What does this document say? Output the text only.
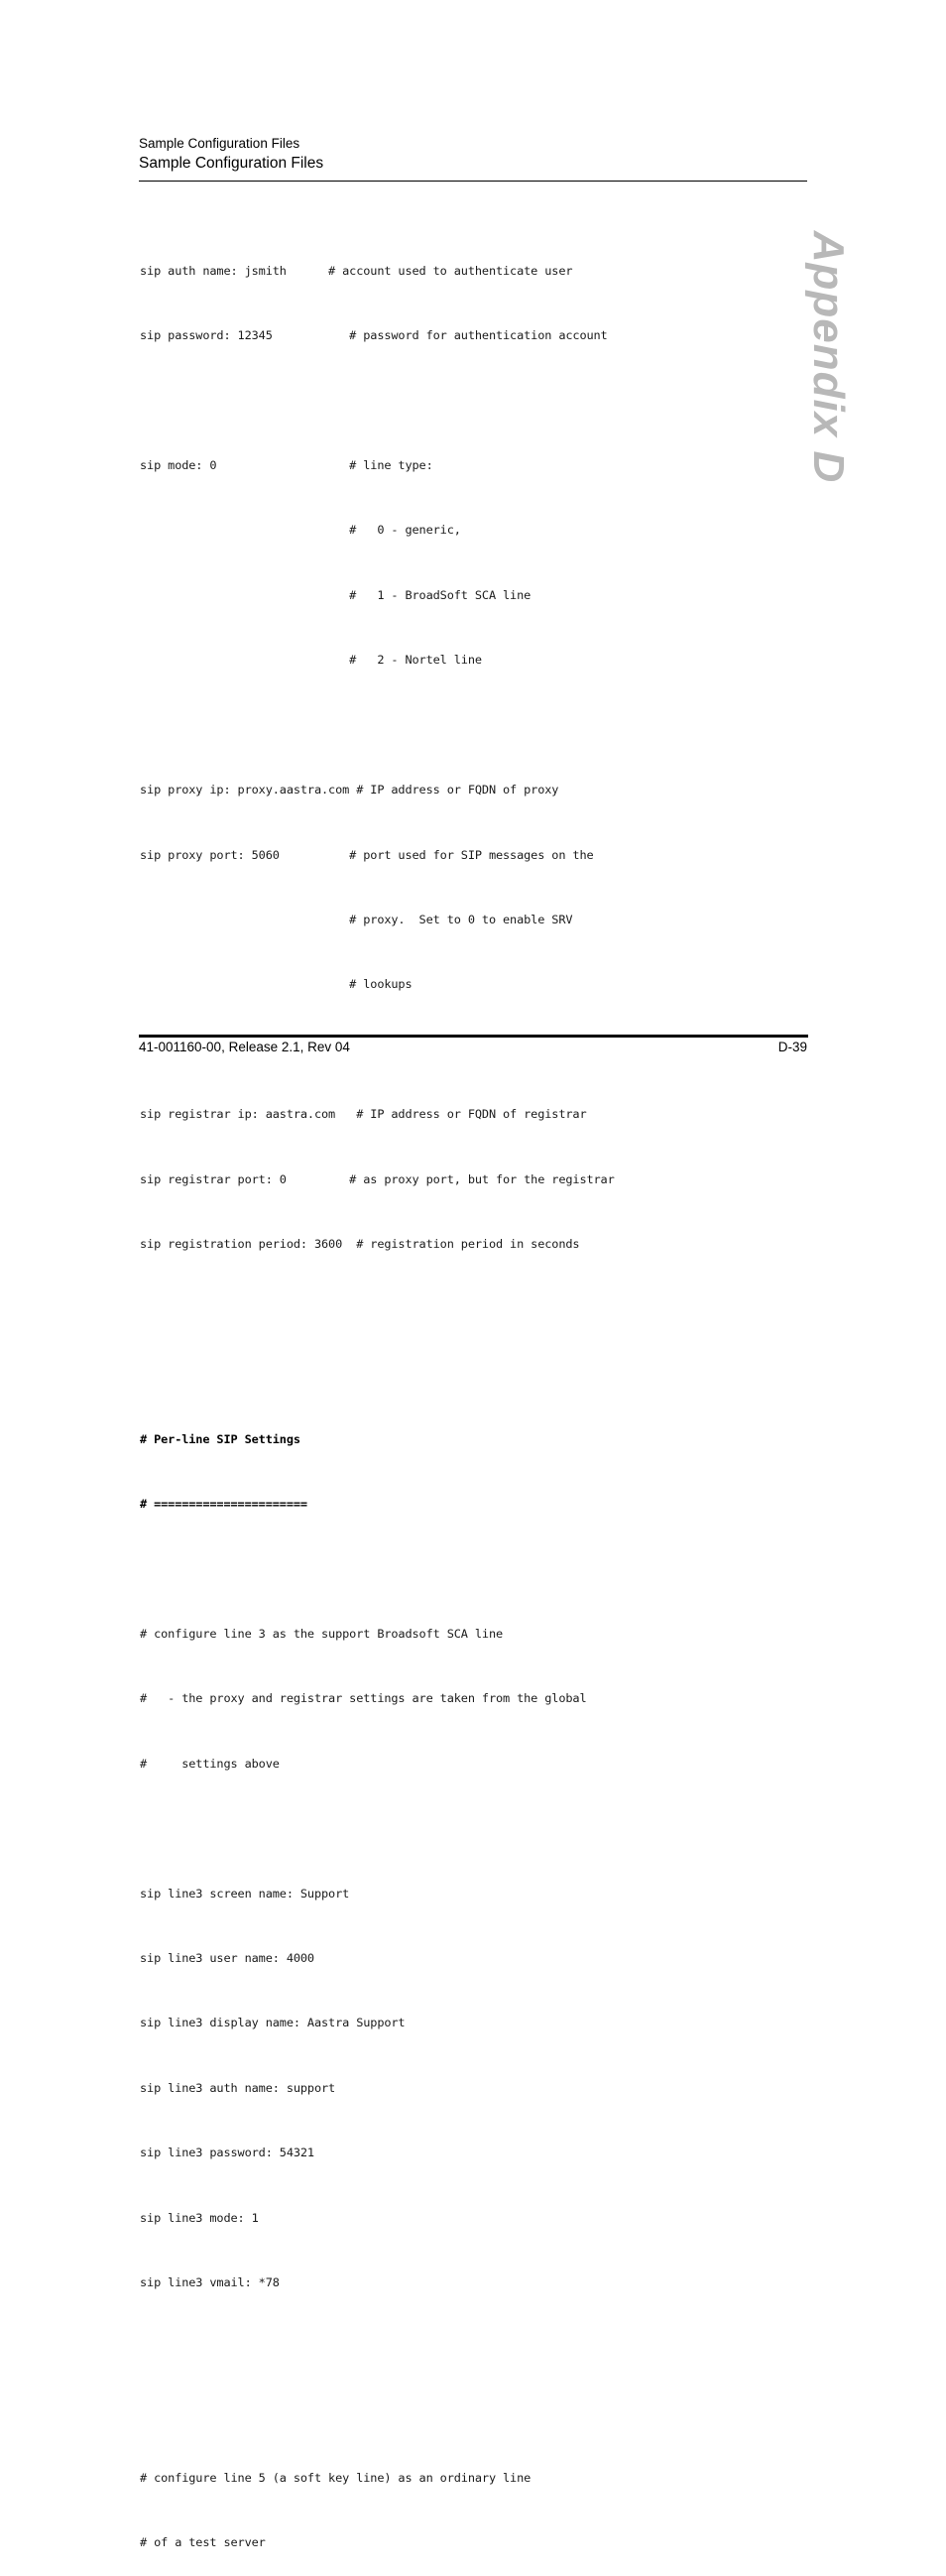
Sample Configuration Files
Sample Configuration Files
Appendix D

sip auth name: jsmith      # account used to authenticate user

sip password: 12345           # password for authentication account

sip mode: 0                   # line type:

#   0 - generic,

#   1 - BroadSoft SCA line

#   2 - Nortel line

sip proxy ip: proxy.aastra.com # IP address or FQDN of proxy

sip proxy port: 5060          # port used for SIP messages on the

# proxy.  Set to 0 to enable SRV

# lookups

sip registrar ip: aastra.com   # IP address or FQDN of registrar

sip registrar port: 0         # as proxy port, but for the registrar

sip registration period: 3600  # registration period in seconds

# Per-line SIP Settings

# ======================

# configure line 3 as the support Broadsoft SCA line

#   - the proxy and registrar settings are taken from the global

#     settings above

sip line3 screen name: Support

sip line3 user name: 4000

sip line3 display name: Aastra Support

sip line3 auth name: support

sip line3 password: 54321

sip line3 mode: 1

sip line3 vmail: *78

# configure line 5 (a soft key line) as an ordinary line

# of a test server

41-001160-00, Release 2.1, Rev 04	D-39
